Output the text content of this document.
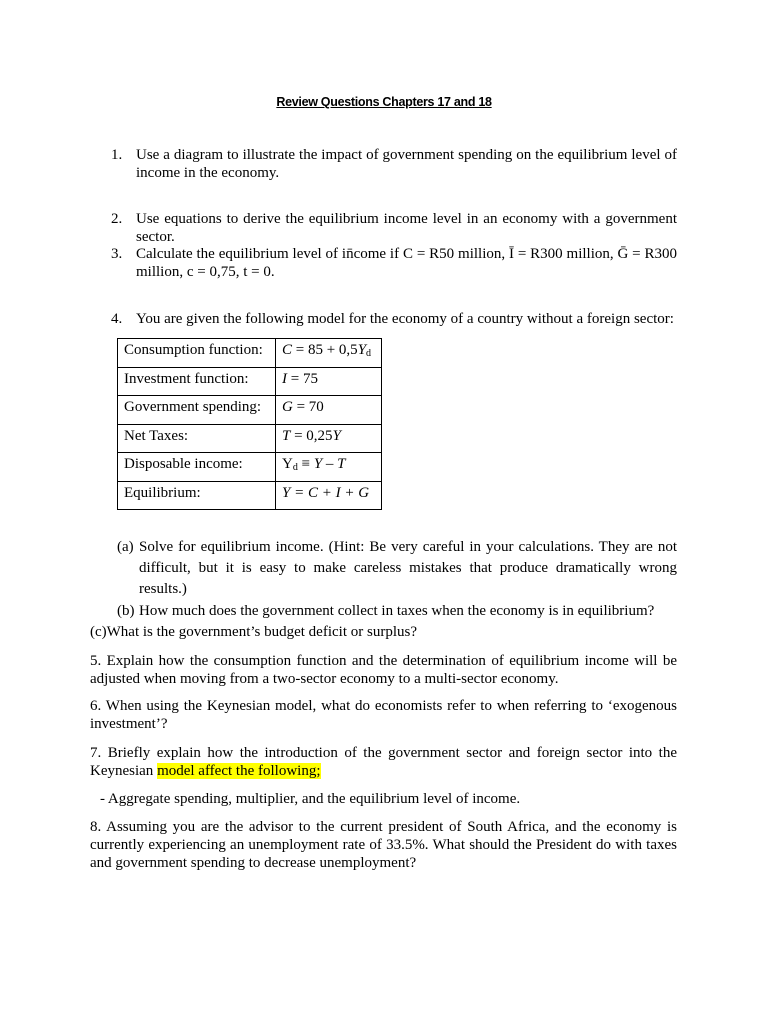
Review Questions Chapters 17 and 18
1. Use a diagram to illustrate the impact of government spending on the equilibrium level of income in the economy.
2. Use equations to derive the equilibrium income level in an economy with a government sector.
3. Calculate the equilibrium level of in̄come if C = R50 million, Ī = R300 million, Ḡ = R300 million, c = 0,75, t = 0.
4. You are given the following model for the economy of a country without a foreign sector:
Consumption function:	$C = 85 + 0,5Y_d$
Investment function:	I = 75
Government spending:	G = 70
Net Taxes:	T = 0,25Y
Disposable income:	$Y_d \equiv Y - T$
Equilibrium:	Y = C + I + G
(a) Solve for equilibrium income. (Hint: Be very careful in your calculations. They are not difficult, but it is easy to make careless mistakes that produce dramatically wrong results.)
(b) How much does the government collect in taxes when the economy is in equilibrium?
(c)What is the government’s budget deficit or surplus?
5. Explain how the consumption function and the determination of equilibrium income will be adjusted when moving from a two-sector economy to a multi-sector economy.
6. When using the Keynesian model, what do economists refer to when referring to ‘exogenous investment’?
7. Briefly explain how the introduction of the government sector and foreign sector into the Keynesian model affect the following;
- Aggregate spending, multiplier, and the equilibrium level of income.
8. Assuming you are the advisor to the current president of South Africa, and the economy is currently experiencing an unemployment rate of 33.5%. What should the President do with taxes and government spending to decrease unemployment?
